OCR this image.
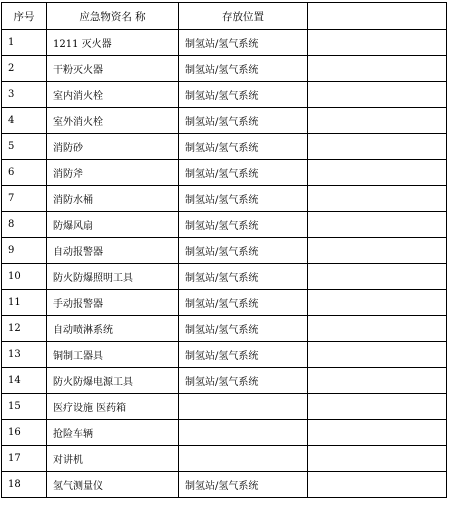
序号	应急物资名 称	存放位置	
1	1211 灭火器	制氢站/氢气系统	
2	干粉灭火器	制氢站/氢气系统	
3	室内消火栓	制氢站/氢气系统	
4	室外消火栓	制氢站/氢气系统	
5	消防砂	制氢站/氢气系统	
6	消防斧	制氢站/氢气系统	
7	消防水桶	制氢站/氢气系统	
8	防爆风扇	制氢站/氢气系统	
9	自动报警器	制氢站/氢气系统	
10	防火防爆照明工具	制氢站/氢气系统	
11	手动报警器	制氢站/氢气系统	
12	自动喷淋系统	制氢站/氢气系统	
13	铜制工器具	制氢站/氢气系统	
14	防火防爆电源工具	制氢站/氢气系统	
15	医疗设施 医药箱		
16	抢险车辆		
17	对讲机		
18	氢气测量仪	制氢站/氢气系统	
